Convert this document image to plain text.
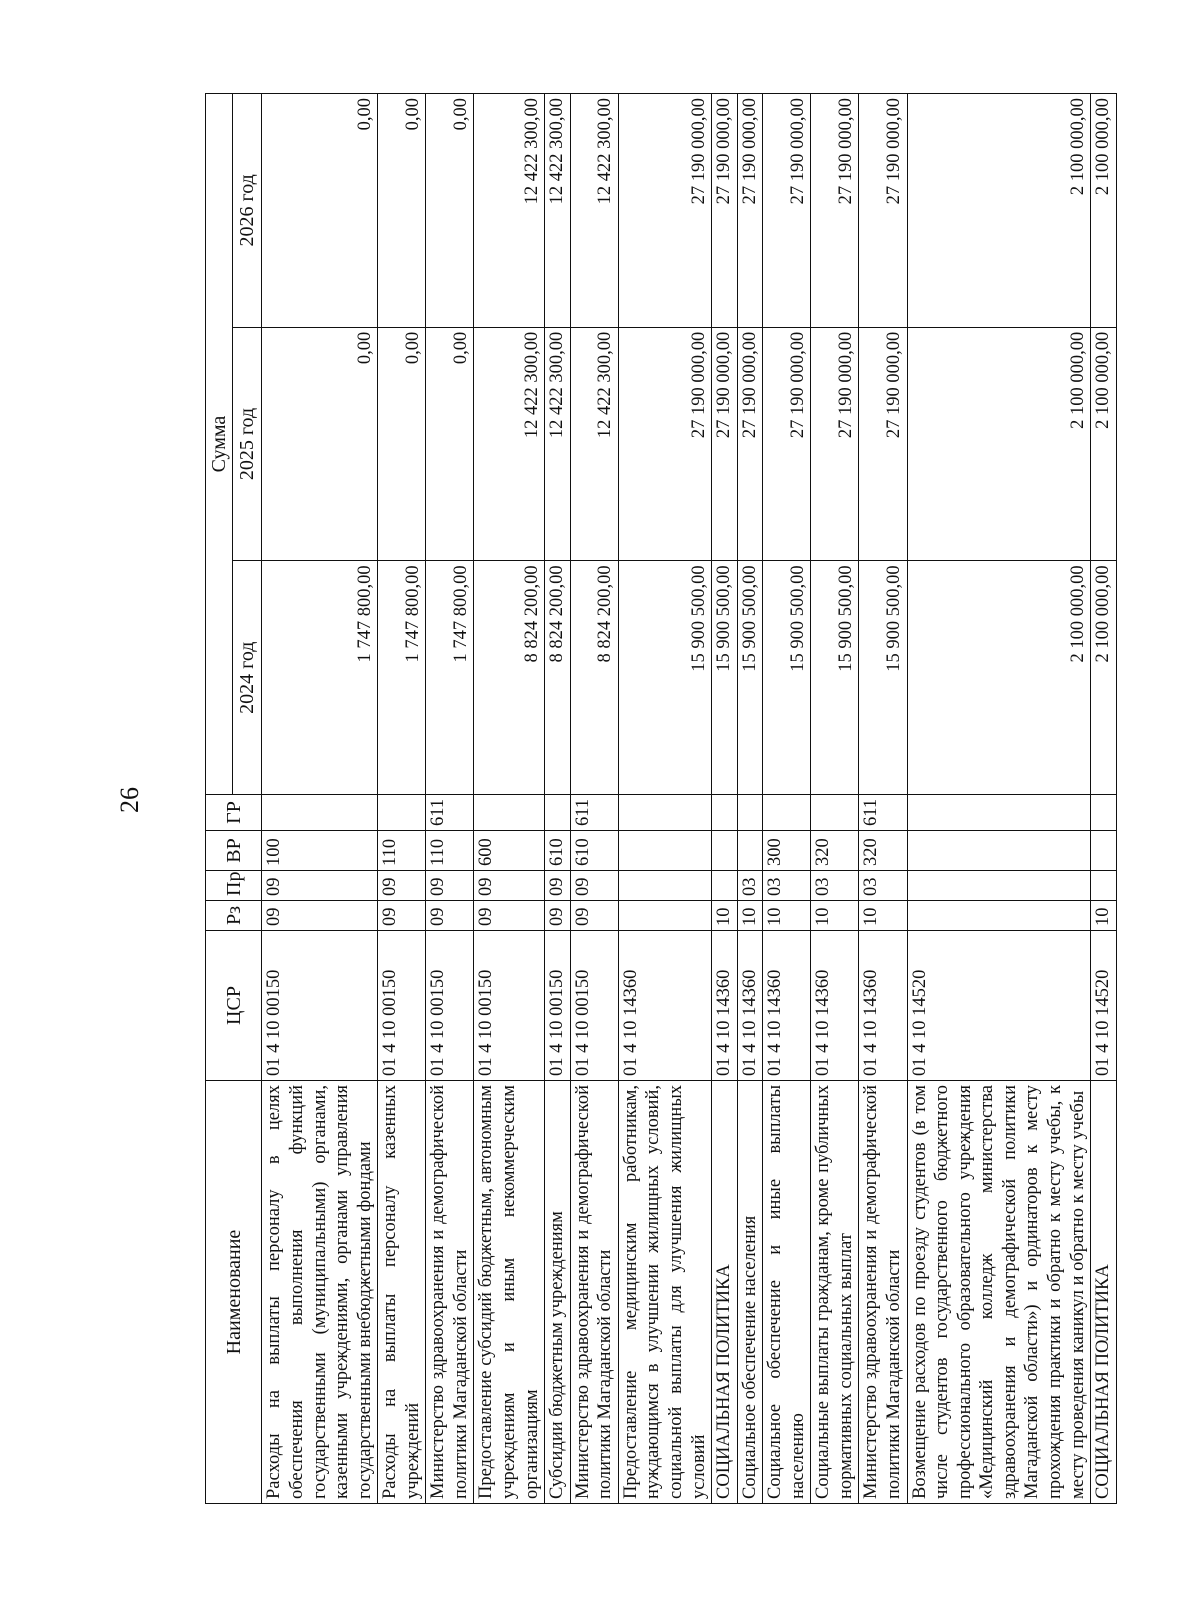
26
Наименование	ЦСР	Рз	Пр	ВР	ГР	Сумма		
						2024 год	2025 год	2026 год
Расходы на выплаты персоналу в целях обеспечения выполнения функций государственными (муниципальными) органами, казенными учреждениями, органами управления государственными внебюджетными фондами	01 4 10 00150	09	09	100		1 747 800,00	0,00	0,00
Расходы на выплаты персоналу казенных учреждений	01 4 10 00150	09	09	110		1 747 800,00	0,00	0,00
Министерство здравоохранения и демографической политики Магаданской области	01 4 10 00150	09	09	110	611	1 747 800,00	0,00	0,00
Предоставление субсидий бюджетным, автономным учреждениям и иным некоммерческим организациям	01 4 10 00150	09	09	600		8 824 200,00	12 422 300,00	12 422 300,00
Субсидии бюджетным учреждениям	01 4 10 00150	09	09	610		8 824 200,00	12 422 300,00	12 422 300,00
Министерство здравоохранения и демографической политики Магаданской области	01 4 10 00150	09	09	610	611	8 824 200,00	12 422 300,00	12 422 300,00
Предоставление медицинским работникам, нуждающимся в улучшении жилищных условий, социальной выплаты для улучшения жилищных условий	01 4 10 14360					15 900 500,00	27 190 000,00	27 190 000,00
СОЦИАЛЬНАЯ ПОЛИТИКА	01 4 10 14360	10				15 900 500,00	27 190 000,00	27 190 000,00
Социальное обеспечение населения	01 4 10 14360	10	03			15 900 500,00	27 190 000,00	27 190 000,00
Социальное обеспечение и иные выплаты населению	01 4 10 14360	10	03	300		15 900 500,00	27 190 000,00	27 190 000,00
Социальные выплаты гражданам, кроме публичных нормативных социальных выплат	01 4 10 14360	10	03	320		15 900 500,00	27 190 000,00	27 190 000,00
Министерство здравоохранения и демографической политики Магаданской области	01 4 10 14360	10	03	320	611	15 900 500,00	27 190 000,00	27 190 000,00
Возмещение расходов по проезду студентов (в том числе студентов государственного бюджетного профессионального образовательного учреждения «Медицинский колледж министерства здравоохранения и демографической политики Магаданской области») и ординаторов к месту прохождения практики и обратно к месту учебы, к месту проведения каникул и обратно к месту учебы	01 4 10 14520					2 100 000,00	2 100 000,00	2 100 000,00
СОЦИАЛЬНАЯ ПОЛИТИКА	01 4 10 14520	10				2 100 000,00	2 100 000,00	2 100 000,00
